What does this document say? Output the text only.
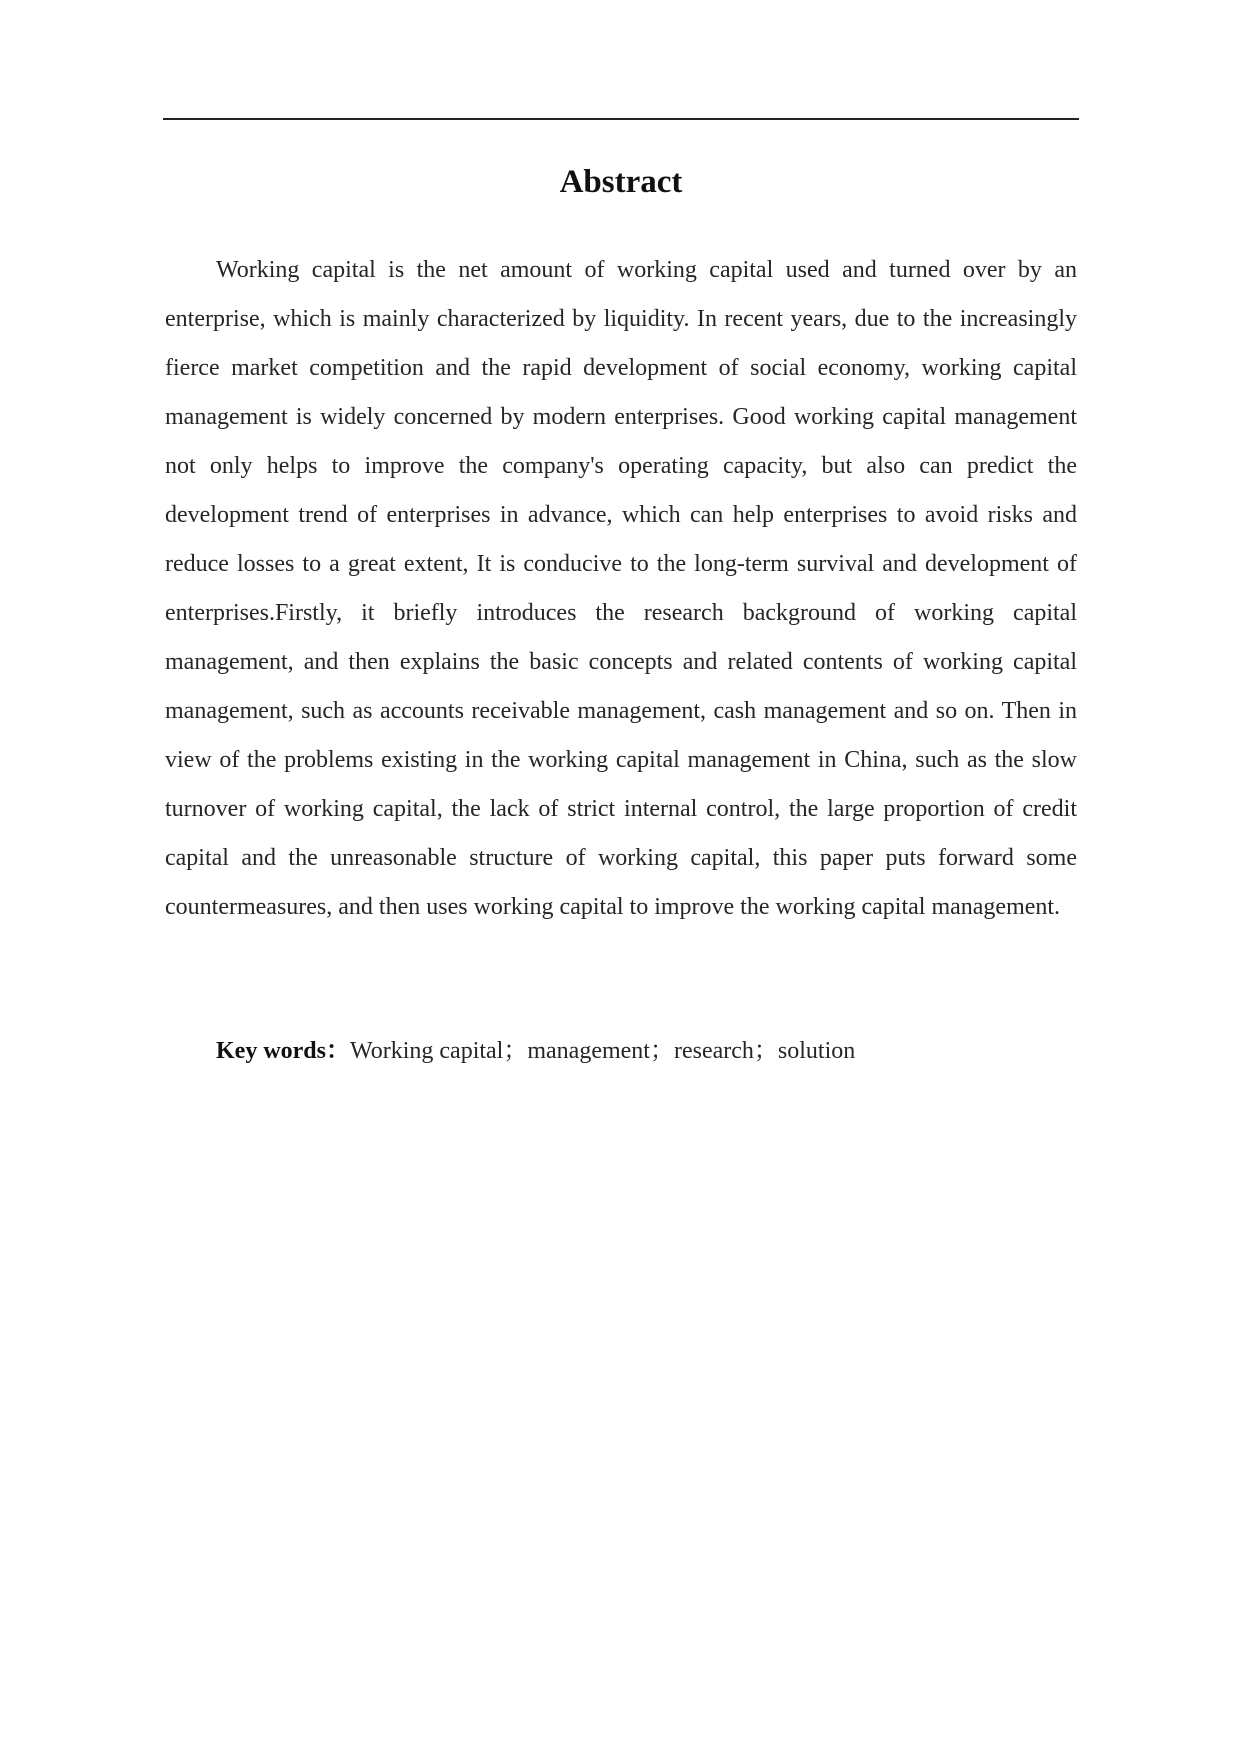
Abstract

Working capital is the net amount of working capital used and turned over by an enterprise, which is mainly characterized by liquidity. In recent years, due to the increasingly fierce market competition and the rapid development of social economy, working capital management is widely concerned by modern enterprises. Good working capital management not only helps to improve the company's operating capacity, but also can predict the development trend of enterprises in advance, which can help enterprises to avoid risks and reduce losses to a great extent, It is conducive to the long-term survival and development of enterprises.Firstly, it briefly introduces the research background of working capital management, and then explains the basic concepts and related contents of working capital management, such as accounts receivable management, cash management and so on. Then in view of the problems existing in the working capital management in China, such as the slow turnover of working capital, the lack of strict internal control, the large proportion of credit capital and the unreasonable structure of working capital, this paper puts forward some countermeasures, and then uses working capital to improve the working capital management.

Key words：Working capital；management；research；solution
